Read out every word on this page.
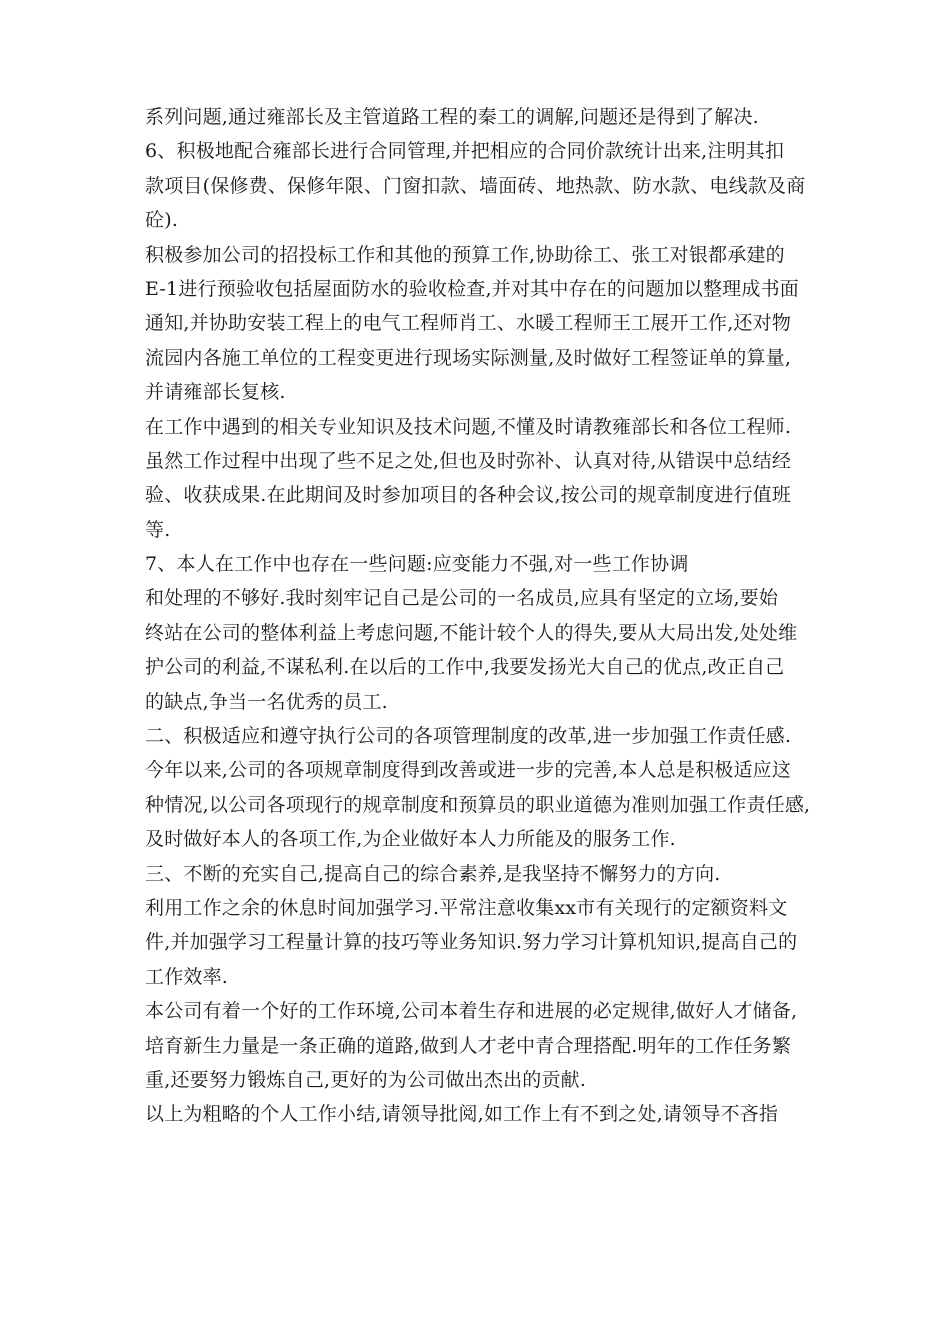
系列问题,通过雍部长及主管道路工程的秦工的调解,问题还是得到了解决.
6、积极地配合雍部长进行合同管理,并把相应的合同价款统计出来,注明其扣
款项目(保修费、保修年限、门窗扣款、墙面砖、地热款、防水款、电线款及商
砼).
积极参加公司的招投标工作和其他的预算工作,协助徐工、张工对银都承建的
E-1进行预验收包括屋面防水的验收检查,并对其中存在的问题加以整理成书面
通知,并协助安装工程上的电气工程师肖工、水暖工程师王工展开工作,还对物
流园内各施工单位的工程变更进行现场实际测量,及时做好工程签证单的算量,
并请雍部长复核.
在工作中遇到的相关专业知识及技术问题,不懂及时请教雍部长和各位工程师.
虽然工作过程中出现了些不足之处,但也及时弥补、认真对待,从错误中总结经
验、收获成果.在此期间及时参加项目的各种会议,按公司的规章制度进行值班
等.
7、本人在工作中也存在一些问题:应变能力不强,对一些工作协调
和处理的不够好.我时刻牢记自己是公司的一名成员,应具有坚定的立场,要始
终站在公司的整体利益上考虑问题,不能计较个人的得失,要从大局出发,处处维
护公司的利益,不谋私利.在以后的工作中,我要发扬光大自己的优点,改正自己
的缺点,争当一名优秀的员工.
二、积极适应和遵守执行公司的各项管理制度的改革,进一步加强工作责任感.
今年以来,公司的各项规章制度得到改善或进一步的完善,本人总是积极适应这
种情况,以公司各项现行的规章制度和预算员的职业道德为准则加强工作责任感,
及时做好本人的各项工作,为企业做好本人力所能及的服务工作.
三、不断的充实自己,提高自己的综合素养,是我坚持不懈努力的方向.
利用工作之余的休息时间加强学习.平常注意收集xx市有关现行的定额资料文
件,并加强学习工程量计算的技巧等业务知识.努力学习计算机知识,提高自己的
工作效率.
本公司有着一个好的工作环境,公司本着生存和进展的必定规律,做好人才储备,
培育新生力量是一条正确的道路,做到人才老中青合理搭配.明年的工作任务繁
重,还要努力锻炼自己,更好的为公司做出杰出的贡献.
以上为粗略的个人工作小结,请领导批阅,如工作上有不到之处,请领导不吝指
